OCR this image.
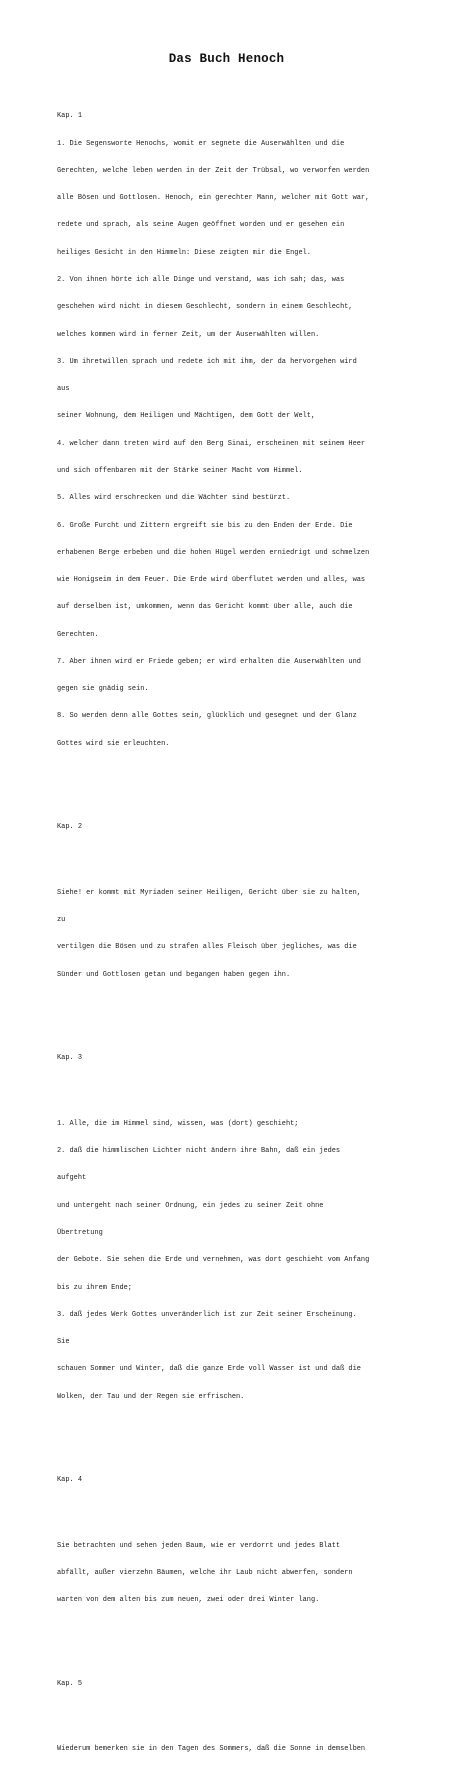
Das Buch Henoch

Kap. 1

1. Die Segensworte Henochs, womit er segnete die Auserwählten und die

Gerechten, welche leben werden in der Zeit der Trübsal, wo verworfen werden

alle Bösen und Gottlosen. Henoch, ein gerechter Mann, welcher mit Gott war,

redete und sprach, als seine Augen geöffnet worden und er gesehen ein

heiliges Gesicht in den Himmeln: Diese zeigten mir die Engel.

2. Von ihnen hörte ich alle Dinge und verstand, was ich sah; das, was

geschehen wird nicht in diesem Geschlecht, sondern in einem Geschlecht,

welches kommen wird in ferner Zeit, um der Auserwählten willen.

3. Um ihretwillen sprach und redete ich mit ihm, der da hervorgehen wird

aus

seiner Wohnung, dem Heiligen und Mächtigen, dem Gott der Welt,

4. welcher dann treten wird auf den Berg Sinai, erscheinen mit seinem Heer

und sich offenbaren mit der Stärke seiner Macht vom Himmel.

5. Alles wird erschrecken und die Wächter sind bestürzt.

6. Große Furcht und Zittern ergreift sie bis zu den Enden der Erde. Die

erhabenen Berge erbeben und die hohen Hügel werden erniedrigt und schmelzen

wie Honigseim in dem Feuer. Die Erde wird überflutet werden und alles, was

auf derselben ist, umkommen, wenn das Gericht kommt über alle, auch die

Gerechten.

7. Aber ihnen wird er Friede geben; er wird erhalten die Auserwählten und

gegen sie gnädig sein.

8. So werden denn alle Gottes sein, glücklich und gesegnet und der Glanz

Gottes wird sie erleuchten.

Kap. 2

Siehe! er kommt mit Myriaden seiner Heiligen, Gericht über sie zu halten,

zu

vertilgen die Bösen und zu strafen alles Fleisch über jegliches, was die

Sünder und Gottlosen getan und begangen haben gegen ihn.

Kap. 3

1. Alle, die im Himmel sind, wissen, was (dort) geschieht;

2. daß die himmlischen Lichter nicht ändern ihre Bahn, daß ein jedes

aufgeht

und untergeht nach seiner Ordnung, ein jedes zu seiner Zeit ohne

Übertretung

der Gebote. Sie sehen die Erde und vernehmen, was dort geschieht vom Anfang

bis zu ihrem Ende;

3. daß jedes Werk Gottes unveränderlich ist zur Zeit seiner Erscheinung.

Sie

schauen Sommer und Winter, daß die ganze Erde voll Wasser ist und daß die

Wolken, der Tau und der Regen sie erfrischen.

Kap. 4

Sie betrachten und sehen jeden Baum, wie er verdorrt und jedes Blatt

abfällt, außer vierzehn Bäumen, welche ihr Laub nicht abwerfen, sondern

warten von dem alten bis zum neuen, zwei oder drei Winter lang.

Kap. 5

Wiederum bemerken sie in den Tagen des Sommers, daß die Sonne in demselben
